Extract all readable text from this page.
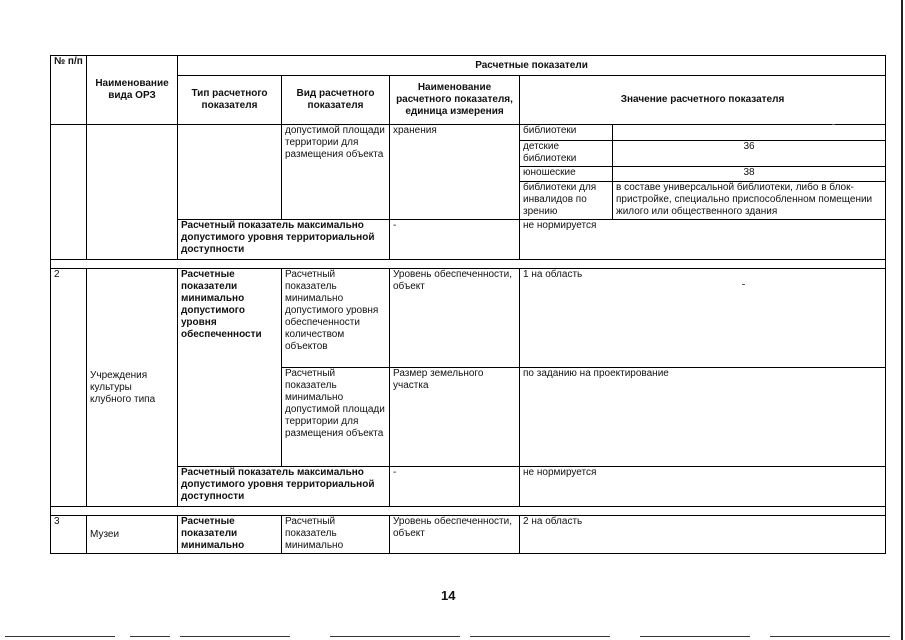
№ п/п	Наименование вида ОРЗ	Расчетные показатели				
		Тип расчетного показателя	Вид расчетного показателя	Наименование расчетного показателя, единица измерения	Значение расчетного показателя	
			допустимой площади территории для размещения объекта	хранения	библиотеки	
					детские библиотеки	36
					юношеские	38
					библиотеки для инвалидов по зрению	в составе универсальной библиотеки, либо в блок-пристройке, специально приспособленном помещении жилого или общественного здания
		Расчетный показатель максимально допустимого уровня территориальной доступности		-	не нормируется	

2	Учреждения культуры клубного типа	Расчетные показатели минимально допустимого уровня обеспеченности	Расчетный показатель минимально допустимого уровня обеспеченности количеством объектов	Уровень обеспеченности, объект	1 на область	
			Расчетный показатель минимально допустимой площади территории для размещения объекта	Размер земельного участка	по заданию на проектирование	
		Расчетный показатель максимально допустимого уровня территориальной доступности		-	не нормируется	

3	Музеи	Расчетные показатели минимально	Расчетный показатель минимально	Уровень обеспеченности, объект	2 на область	
14
